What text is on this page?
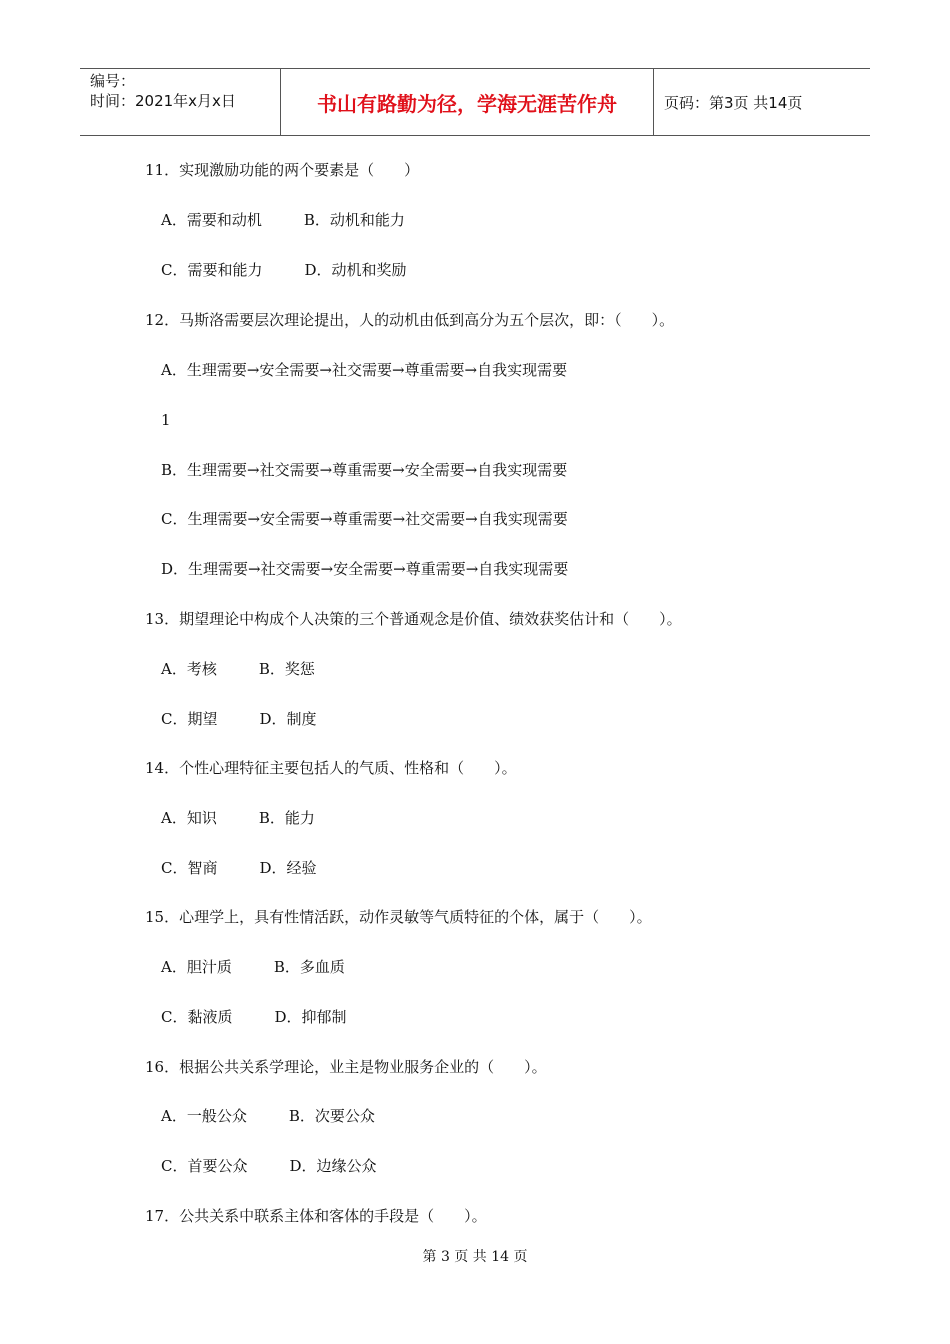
编号：
时间：2021年x月x日	书山有路勤为径，学海无涯苦作舟	页码：第3页 共14页
11．实现激励功能的两个要素是（　　）
A．需要和动机	B．动机和能力
C．需要和能力	D．动机和奖励
12．马斯洛需要层次理论提出，人的动机由低到高分为五个层次，即：（　　）。
A．生理需要→安全需要→社交需要→尊重需要→自我实现需要
1
B．生理需要→社交需要→尊重需要→安全需要→自我实现需要
C．生理需要→安全需要→尊重需要→社交需要→自我实现需要
D．生理需要→社交需要→安全需要→尊重需要→自我实现需要
13．期望理论中构成个人决策的三个普通观念是价值、绩效获奖估计和（　　）。
A．考核	B．奖惩
C．期望	D．制度
14．个性心理特征主要包括人的气质、性格和（　　）。
A．知识	B．能力
C．智商	D．经验
15．心理学上，具有性情活跃，动作灵敏等气质特征的个体，属于（　　）。
A．胆汁质	B．多血质
C．黏液质	D．抑郁制
16．根据公共关系学理论，业主是物业服务企业的（　　）。
A．一般公众	B．次要公众
C．首要公众	D．边缘公众
17．公共关系中联系主体和客体的手段是（　　）。
第 3 页 共 14 页
